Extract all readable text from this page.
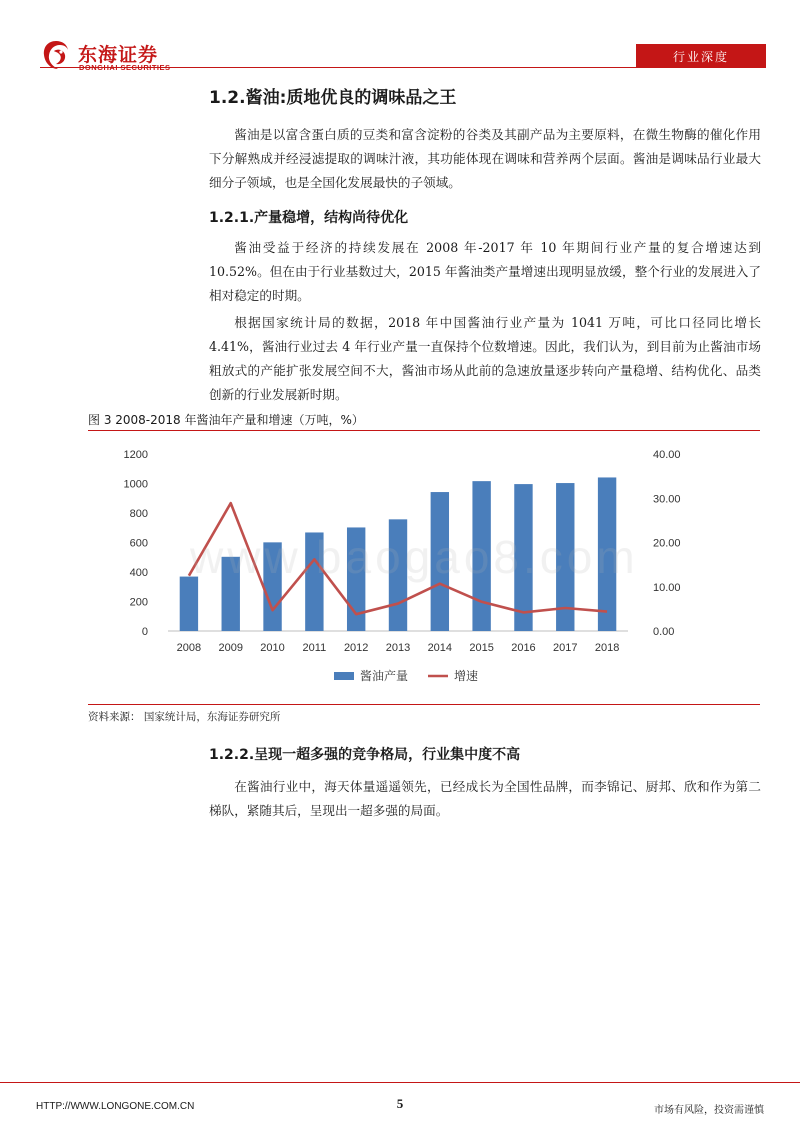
东海证券	行业深度
1.2.酱油:质地优良的调味品之王

酱油是以富含蛋白质的豆类和富含淀粉的谷类及其副产品为主要原料，在微生物酶的催化作用下分解熟成并经浸滤提取的调味汁液，其功能体现在调味和营养两个层面。酱油是调味品行业最大细分子领域，也是全国化发展最快的子领域。

1.2.1.产量稳增，结构尚待优化

酱油受益于经济的持续发展在 2008 年-2017 年 10 年期间行业产量的复合增速达到 10.52%。但在由于行业基数过大，2015 年酱油类产量增速出现明显放缓，整个行业的发展进入了相对稳定的时期。

根据国家统计局的数据，2018 年中国酱油行业产量为 1041 万吨，可比口径同比增长 4.41%，酱油行业过去 4 年行业产量一直保持个位数增速。因此，我们认为，到目前为止酱油市场粗放式的产能扩张发展空间不大，酱油市场从此前的急速放量逐步转向产量稳增、结构优化、品类创新的行业发展新时期。

图 3 2008-2018 年酱油年产量和增速（万吨，%）
0
200
400
600
800
1000
1200
0.00
10.00
20.00
30.00
40.00
2008 2009 2010 2011 2012 2013 2014 2015 2016 2017 2018
酱油产量	增速
资料来源： 国家统计局，东海证券研究所
www.baogao8.com
1.2.2.呈现一超多强的竞争格局，行业集中度不高

在酱油行业中，海天体量遥遥领先，已经成长为全国性品牌，而李锦记、厨邦、欣和作为第二梯队，紧随其后，呈现出一超多强的局面。

HTTP://WWW.LONGONE.COM.CN	5	市场有风险，投资需谨慎
